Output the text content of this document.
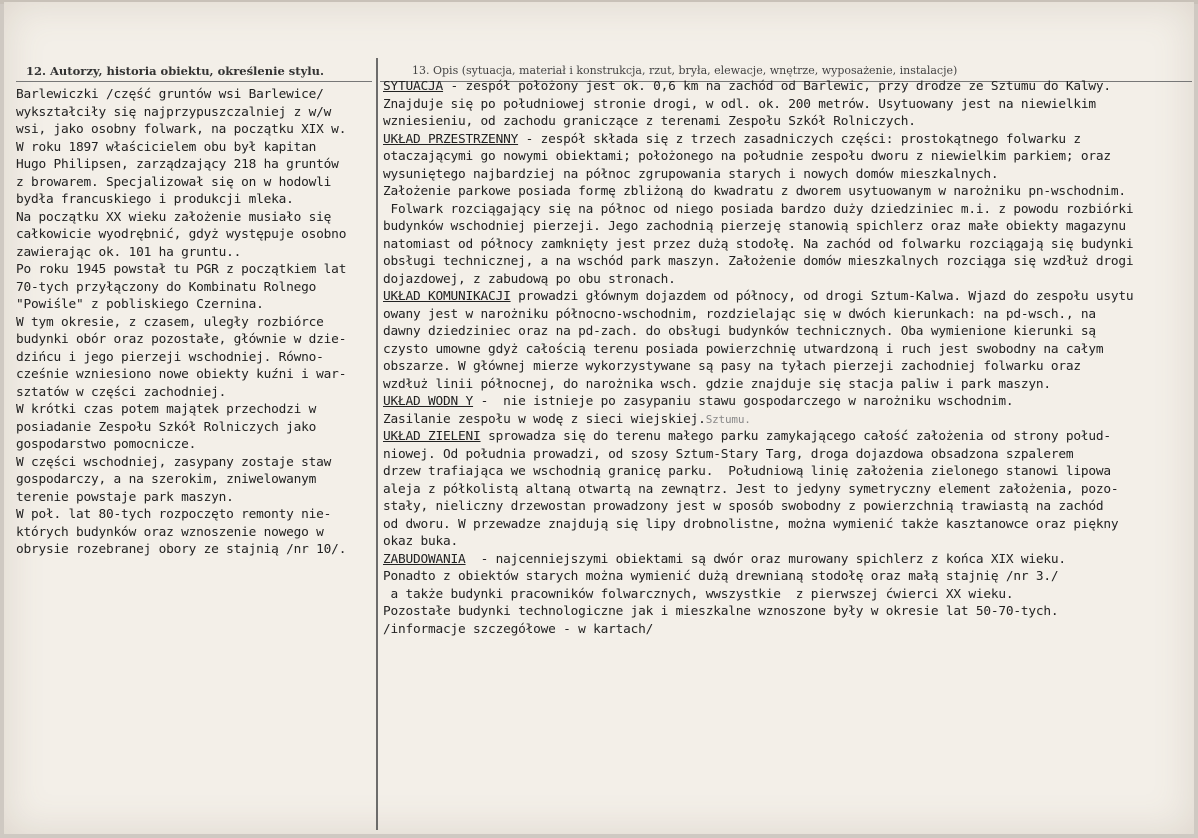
12. Autorzy, historia obiektu, określenie stylu.	13. Opis (sytuacja, materiał i konstrukcja, rzut, bryła, elewacje, wnętrze, wyposażenie, instalacje)
Barlewiczki /część gruntów wsi Barlewice/
wykształciły się najprzypuszczalniej z w/w
wsi, jako osobny folwark, na początku XIX w.
W roku 1897 właścicielem obu był kapitan
Hugo Philipsen, zarządzający 218 ha gruntów
z browarem. Specjalizował się on w hodowli
bydła francuskiego i produkcji mleka.
Na początku XX wieku założenie musiało się
całkowicie wyodrębnić, gdyż występuje osobno
zawierając ok. 101 ha gruntu..
Po roku 1945 powstał tu PGR z początkiem lat
70-tych przyłączony do Kombinatu Rolnego
"Powiśle" z pobliskiego Czernina.
W tym okresie, z czasem, uległy rozbiórce
budynki obór oraz pozostałe, głównie w dzie-
dzińcu i jego pierzeji wschodniej. Równo-
cześnie wzniesiono nowe obiekty kuźni i war-
sztatów w części zachodniej.
W krótki czas potem majątek przechodzi w
posiadanie Zespołu Szkół Rolniczych jako
gospodarstwo pomocnicze.
W części wschodniej, zasypany zostaje staw
gospodarczy, a na szerokim, zniwelowanym
terenie powstaje park maszyn.
W poł. lat 80-tych rozpoczęto remonty nie-
których budynków oraz wznoszenie nowego w
obrysie rozebranej obory ze stajnią /nr 10/.
SYTUACJA - zespół położony jest ok. 0,6 km na zachód od Barlewic, przy drodze ze Sztumu do Kalwy.
Znajduje się po południowej stronie drogi, w odl. ok. 200 metrów. Usytuowany jest na niewielkim
wzniesieniu, od zachodu graniczące z terenami Zespołu Szkół Rolniczych.
UKŁAD PRZESTRZENNY - zespół składa się z trzech zasadniczych części: prostokątnego folwarku z
otaczającymi go nowymi obiektami; położonego na południe zespołu dworu z niewielkim parkiem; oraz
wysuniętego najbardziej na północ zgrupowania starych i nowych domów mieszkalnych.
Założenie parkowe posiada formę zbliżoną do kwadratu z dworem usytuowanym w narożniku pn-wschodnim.
Folwark rozciągający się na północ od niego posiada bardzo duży dziedziniec m.i. z powodu rozbiórki
budynków wschodniej pierzeji. Jego zachodnią pierzeję stanowią spichlerz oraz małe obiekty magazynu
natomiast od północy zamknięty jest przez dużą stodołę. Na zachód od folwarku rozciągają się budynki
obsługi technicznej, a na wschód park maszyn. Założenie domów mieszkalnych rozciąga się wzdłuż drogi
dojazdowej, z zabudową po obu stronach.
UKŁAD KOMUNIKACJI prowadzi głównym dojazdem od północy, od drogi Sztum-Kalwa. Wjazd do zespołu usytu
owany jest w narożniku północno-wschodnim, rozdzielając się w dwóch kierunkach: na pd-wsch., na
dawny dziedziniec oraz na pd-zach. do obsługi budynków technicznych. Oba wymienione kierunki są
czysto umowne gdyż całością terenu posiada powierzchnię utwardzoną i ruch jest swobodny na całym
obszarze. W głównej mierze wykorzystywane są pasy na tyłach pierzeji zachodniej folwarku oraz
wzdłuż linii północnej, do narożnika wsch. gdzie znajduje się stacja paliw i park maszyn.
UKŁAD WODN Y -  nie istnieje po zasypaniu stawu gospodarczego w narożniku wschodnim.
Zasilanie zespołu w wodę z sieci wiejskiej.Sztumu.
UKŁAD ZIELENI sprowadza się do terenu małego parku zamykającego całość założenia od strony połud-
niowej. Od południa prowadzi, od szosy Sztum-Stary Targ, droga dojazdowa obsadzona szpalerem
drzew trafiająca we wschodnią granicę parku.  Południową linię założenia zielonego stanowi lipowa
aleja z półkolistą altaną otwartą na zewnątrz. Jest to jedyny symetryczny element założenia, pozo-
stały, nieliczny drzewostan prowadzony jest w sposób swobodny z powierzchnią trawiastą na zachód
od dworu. W przewadze znajdują się lipy drobnolistne, można wymienić także kasztanowce oraz piękny
okaz buka.
ZABUDOWANIA  - najcenniejszymi obiektami są dwór oraz murowany spichlerz z końca XIX wieku.
Ponadto z obiektów starych można wymienić dużą drewnianą stodołę oraz małą stajnię /nr 3./
a także budynki pracowników folwarcznych, wwszystkie  z pierwszej ćwierci XX wieku.
Pozostałe budynki technologiczne jak i mieszkalne wznoszone były w okresie lat 50-70-tych.
/informacje szczegółowe - w kartach/
